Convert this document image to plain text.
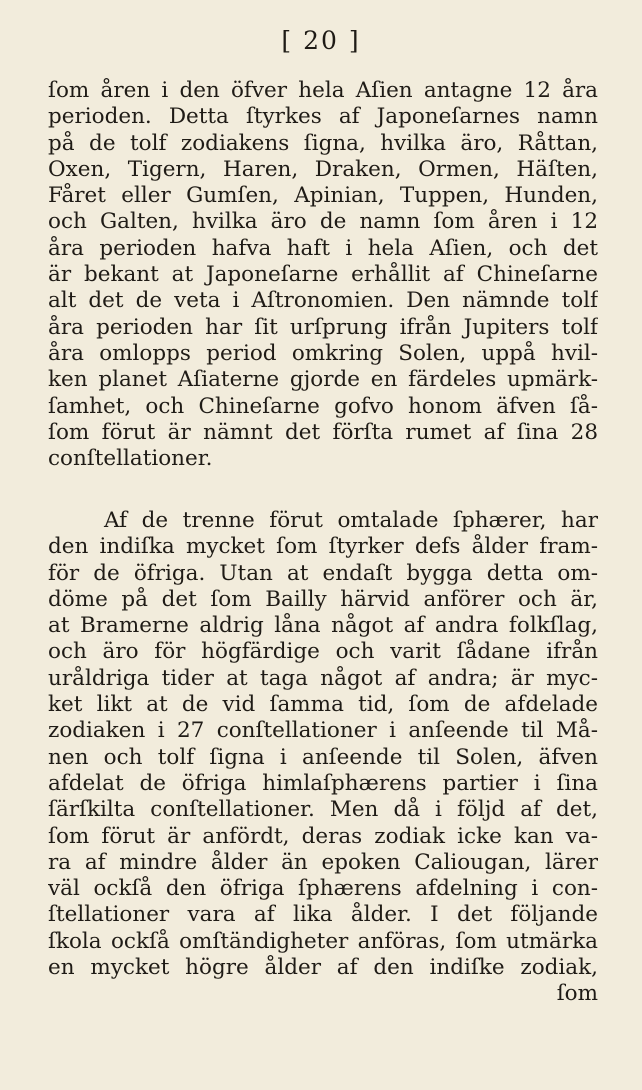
[ 20 ]
ſom åren i den öfver hela Aſien antagne 12 åra
perioden. Detta ſtyrkes af Japoneſarnes namn
på de tolf zodiakens ſigna, hvilka äro, Råttan,
Oxen, Tigern, Haren, Draken, Ormen, Häſten,
Fåret eller Gumſen, Apinian, Tuppen, Hunden,
och Galten, hvilka äro de namn ſom åren i 12
åra perioden hafva haft i hela Aſien, och det
är bekant at Japoneſarne erhållit af Chineſarne
alt det de veta i Aſtronomien. Den nämnde tolf
åra perioden har ſit urſprung ifrån Jupiters tolf
åra omlopps period omkring Solen, uppå hvil-
ken planet Aſiaterne gjorde en färdeles upmärk-
ſamhet, och Chineſarne gofvo honom äfven ſå-
ſom förut är nämnt det förſta rumet af ſina 28
conſtellationer.
Af de trenne förut omtalade ſphærer, har
den indiſka mycket ſom ſtyrker defs ålder fram-
för de öfriga. Utan at endaſt bygga detta om-
döme på det ſom Bailly härvid anförer och är,
at Bramerne aldrig låna något af andra folkſlag,
och äro för högfärdige och varit ſådane ifrån
uråldriga tider at taga något af andra; är myc-
ket likt at de vid ſamma tid, ſom de afdelade
zodiaken i 27 conſtellationer i anſeende til Må-
nen och tolf ſigna i anſeende til Solen, äfven
afdelat de öfriga himlaſphærens partier i ſina
ſärſkilta conſtellationer. Men då i följd af det,
ſom förut är anfördt, deras zodiak icke kan va-
ra af mindre ålder än epoken Caliougan, lärer
väl ockſå den öfriga ſphærens afdelning i con-
ſtellationer vara af lika ålder. I det följande
ſkola ockſå omſtändigheter anföras, ſom utmärka
en mycket högre ålder af den indiſke zodiak,
ſom
